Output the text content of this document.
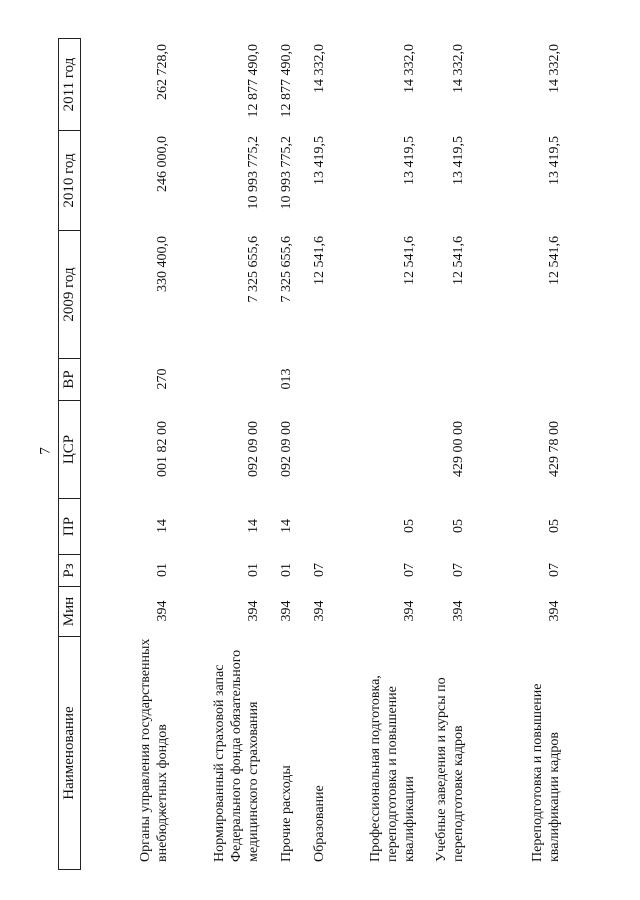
7
Наименование
Мин
Рз
ПР
ЦСР
ВР
2009 год
2010 год
2011 год
Органы управления государственных внебюджетных фондов
394
01
14
001 82 00
270
330 400,0
246 000,0
262 728,0
Нормированный страховой запас Федерального фонда обязательного медицинского страхования
394
01
14
092 09 00
7 325 655,6
10 993 775,2
12 877 490,0
Прочие расходы
394
01
14
092 09 00
013
7 325 655,6
10 993 775,2
12 877 490,0
Образование
394
07
12 541,6
13 419,5
14 332,0
Профессиональная подготовка, переподготовка и повышение квалификации
394
07
05
12 541,6
13 419,5
14 332,0
Учебные заведения и курсы по переподготовке кадров
394
07
05
429 00 00
12 541,6
13 419,5
14 332,0
Переподготовка и повышение квалификации кадров
394
07
05
429 78 00
12 541,6
13 419,5
14 332,0
